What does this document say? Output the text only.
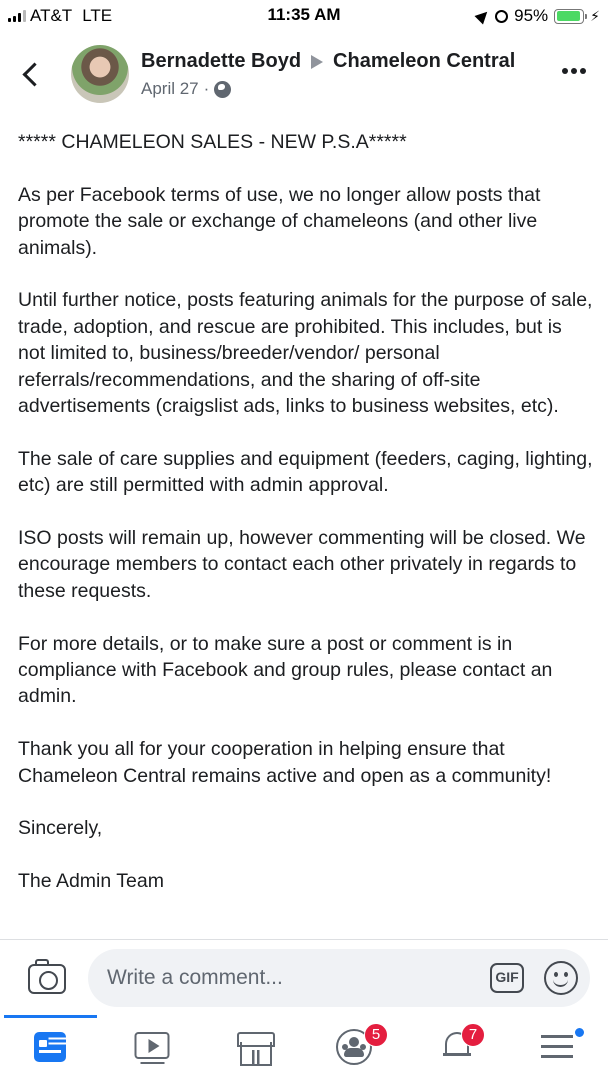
AT&T LTE	11:35 AM	95%	⚡
Bernadette Boyd Chameleon Central
April 27 ·

***** CHAMELEON SALES - NEW P.S.A*****

As per Facebook terms of use, we no longer allow posts that promote the sale or exchange of chameleons (and other live animals).

Until further notice, posts featuring animals for the purpose of sale, trade, adoption, and rescue are prohibited. This includes, but is not limited to, business/breeder/vendor/ personal referrals/recommendations, and the sharing of off-site advertisements (craigslist ads, links to business websites, etc).

The sale of care supplies and equipment (feeders, caging, lighting, etc) are still permitted with admin approval.

ISO posts will remain up, however commenting will be closed. We encourage members to contact each other privately in regards to these requests.

For more details, or to make sure a post or comment is in compliance with Facebook and group rules, please contact an admin.

Thank you all for your cooperation in helping ensure that Chameleon Central remains active and open as a community!

Sincerely,

The Admin Team

Write a comment...	GIF
5	7
